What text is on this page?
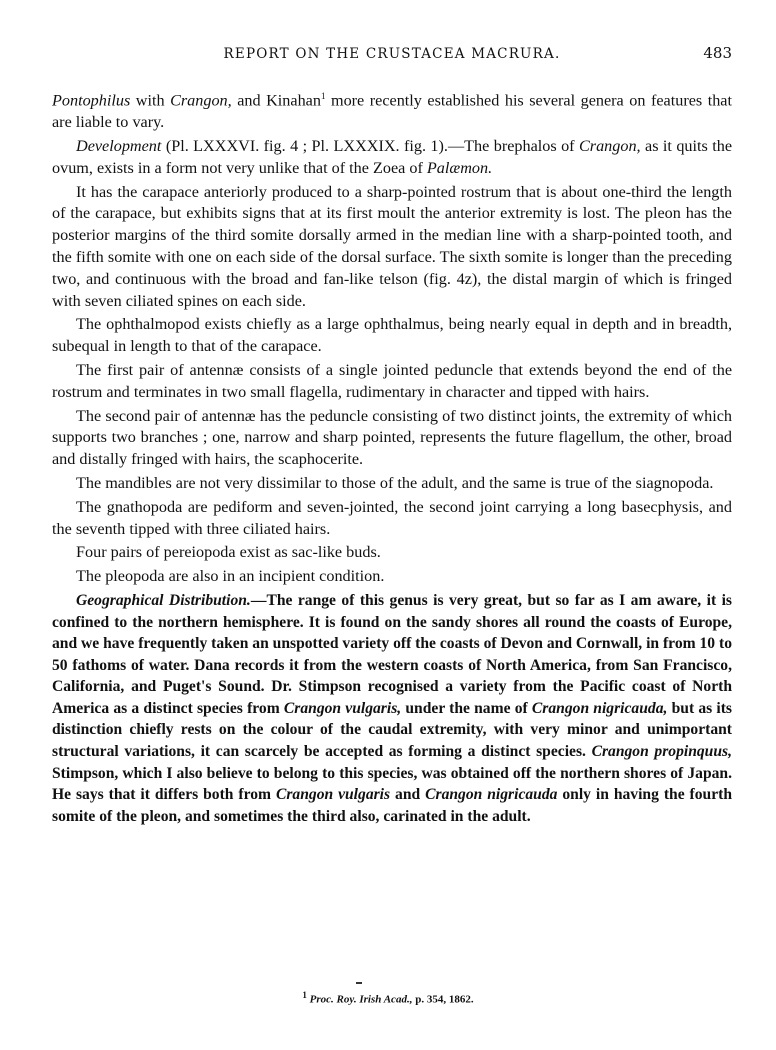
REPORT ON THE CRUSTACEA MACRURA.	483

Pontophilus with Crangon, and Kinahan$^1$ more recently established his several genera on features that are liable to vary.

Development (Pl. LXXXVI. fig. 4 ; Pl. LXXXIX. fig. 1).—The brephalos of Crangon, as it quits the ovum, exists in a form not very unlike that of the Zoea of Palæmon.

It has the carapace anteriorly produced to a sharp-pointed rostrum that is about one-third the length of the carapace, but exhibits signs that at its first moult the anterior extremity is lost. The pleon has the posterior margins of the third somite dorsally armed in the median line with a sharp-pointed tooth, and the fifth somite with one on each side of the dorsal surface. The sixth somite is longer than the preceding two, and continuous with the broad and fan-like telson (fig. 4z), the distal margin of which is fringed with seven ciliated spines on each side.

The ophthalmopod exists chiefly as a large ophthalmus, being nearly equal in depth and in breadth, subequal in length to that of the carapace.

The first pair of antennæ consists of a single jointed peduncle that extends beyond the end of the rostrum and terminates in two small flagella, rudimentary in character and tipped with hairs.

The second pair of antennæ has the peduncle consisting of two distinct joints, the extremity of which supports two branches ; one, narrow and sharp pointed, represents the future flagellum, the other, broad and distally fringed with hairs, the scaphocerite.

The mandibles are not very dissimilar to those of the adult, and the same is true of the siagnopoda.

The gnathopoda are pediform and seven-jointed, the second joint carrying a long basecphysis, and the seventh tipped with three ciliated hairs.

Four pairs of pereiopoda exist as sac-like buds.

The pleopoda are also in an incipient condition.

Geographical Distribution.—The range of this genus is very great, but so far as I am aware, it is confined to the northern hemisphere. It is found on the sandy shores all round the coasts of Europe, and we have frequently taken an unspotted variety off the coasts of Devon and Cornwall, in from 10 to 50 fathoms of water. Dana records it from the western coasts of North America, from San Francisco, California, and Puget's Sound. Dr. Stimpson recognised a variety from the Pacific coast of North America as a distinct species from Crangon vulgaris, under the name of Crangon nigricauda, but as its distinction chiefly rests on the colour of the caudal extremity, with very minor and unimportant structural variations, it can scarcely be accepted as forming a distinct species. Crangon propinquus, Stimpson, which I also believe to belong to this species, was obtained off the northern shores of Japan. He says that it differs both from Crangon vulgaris and Crangon nigricauda only in having the fourth somite of the pleon, and sometimes the third also, carinated in the adult.

$^1$ Proc. Roy. Irish Acad., p. 354, 1862.
